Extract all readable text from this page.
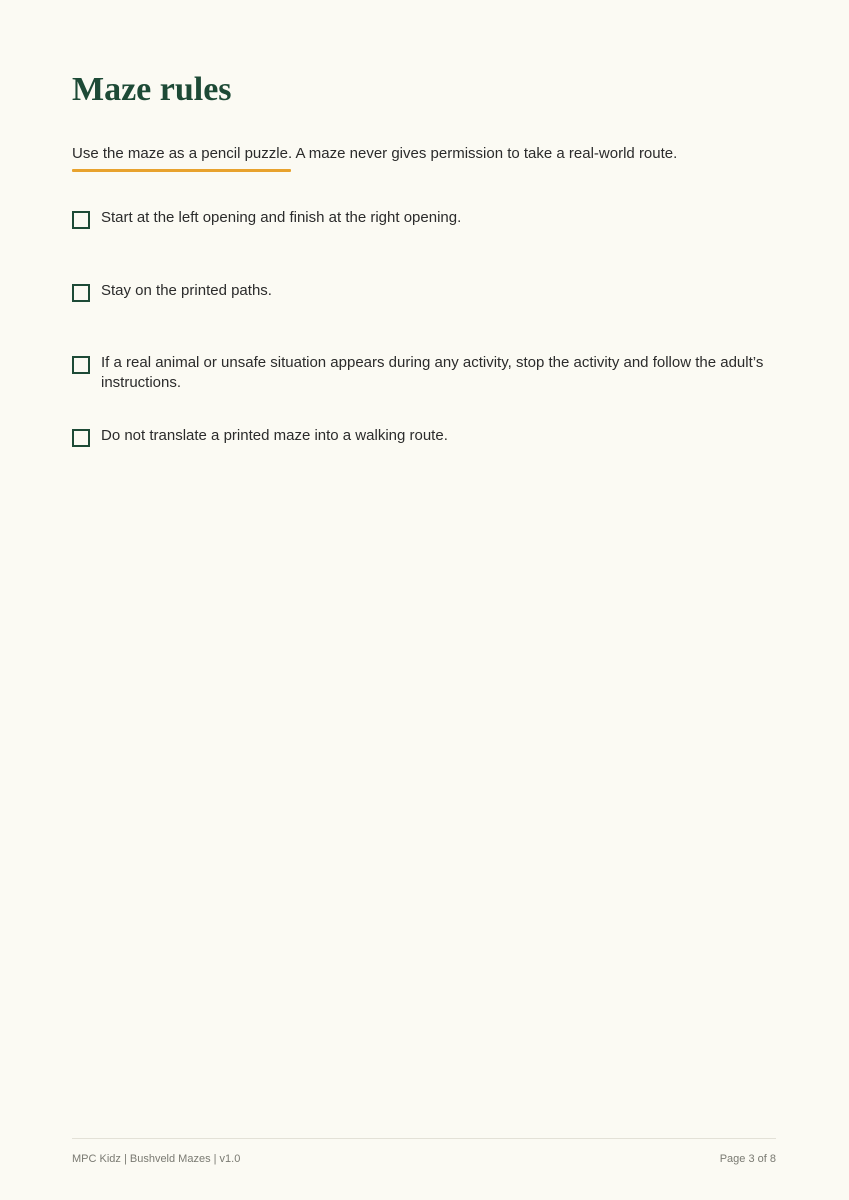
Maze rules

Use the maze as a pencil puzzle. A maze never gives permission to take a real-world route.

Start at the left opening and finish at the right opening.

Stay on the printed paths.

If a real animal or unsafe situation appears during any activity, stop the activity and follow the adult’s instructions.

Do not translate a printed maze into a walking route.

MPC Kidz | Bushveld Mazes | v1.0	Page 3 of 8
